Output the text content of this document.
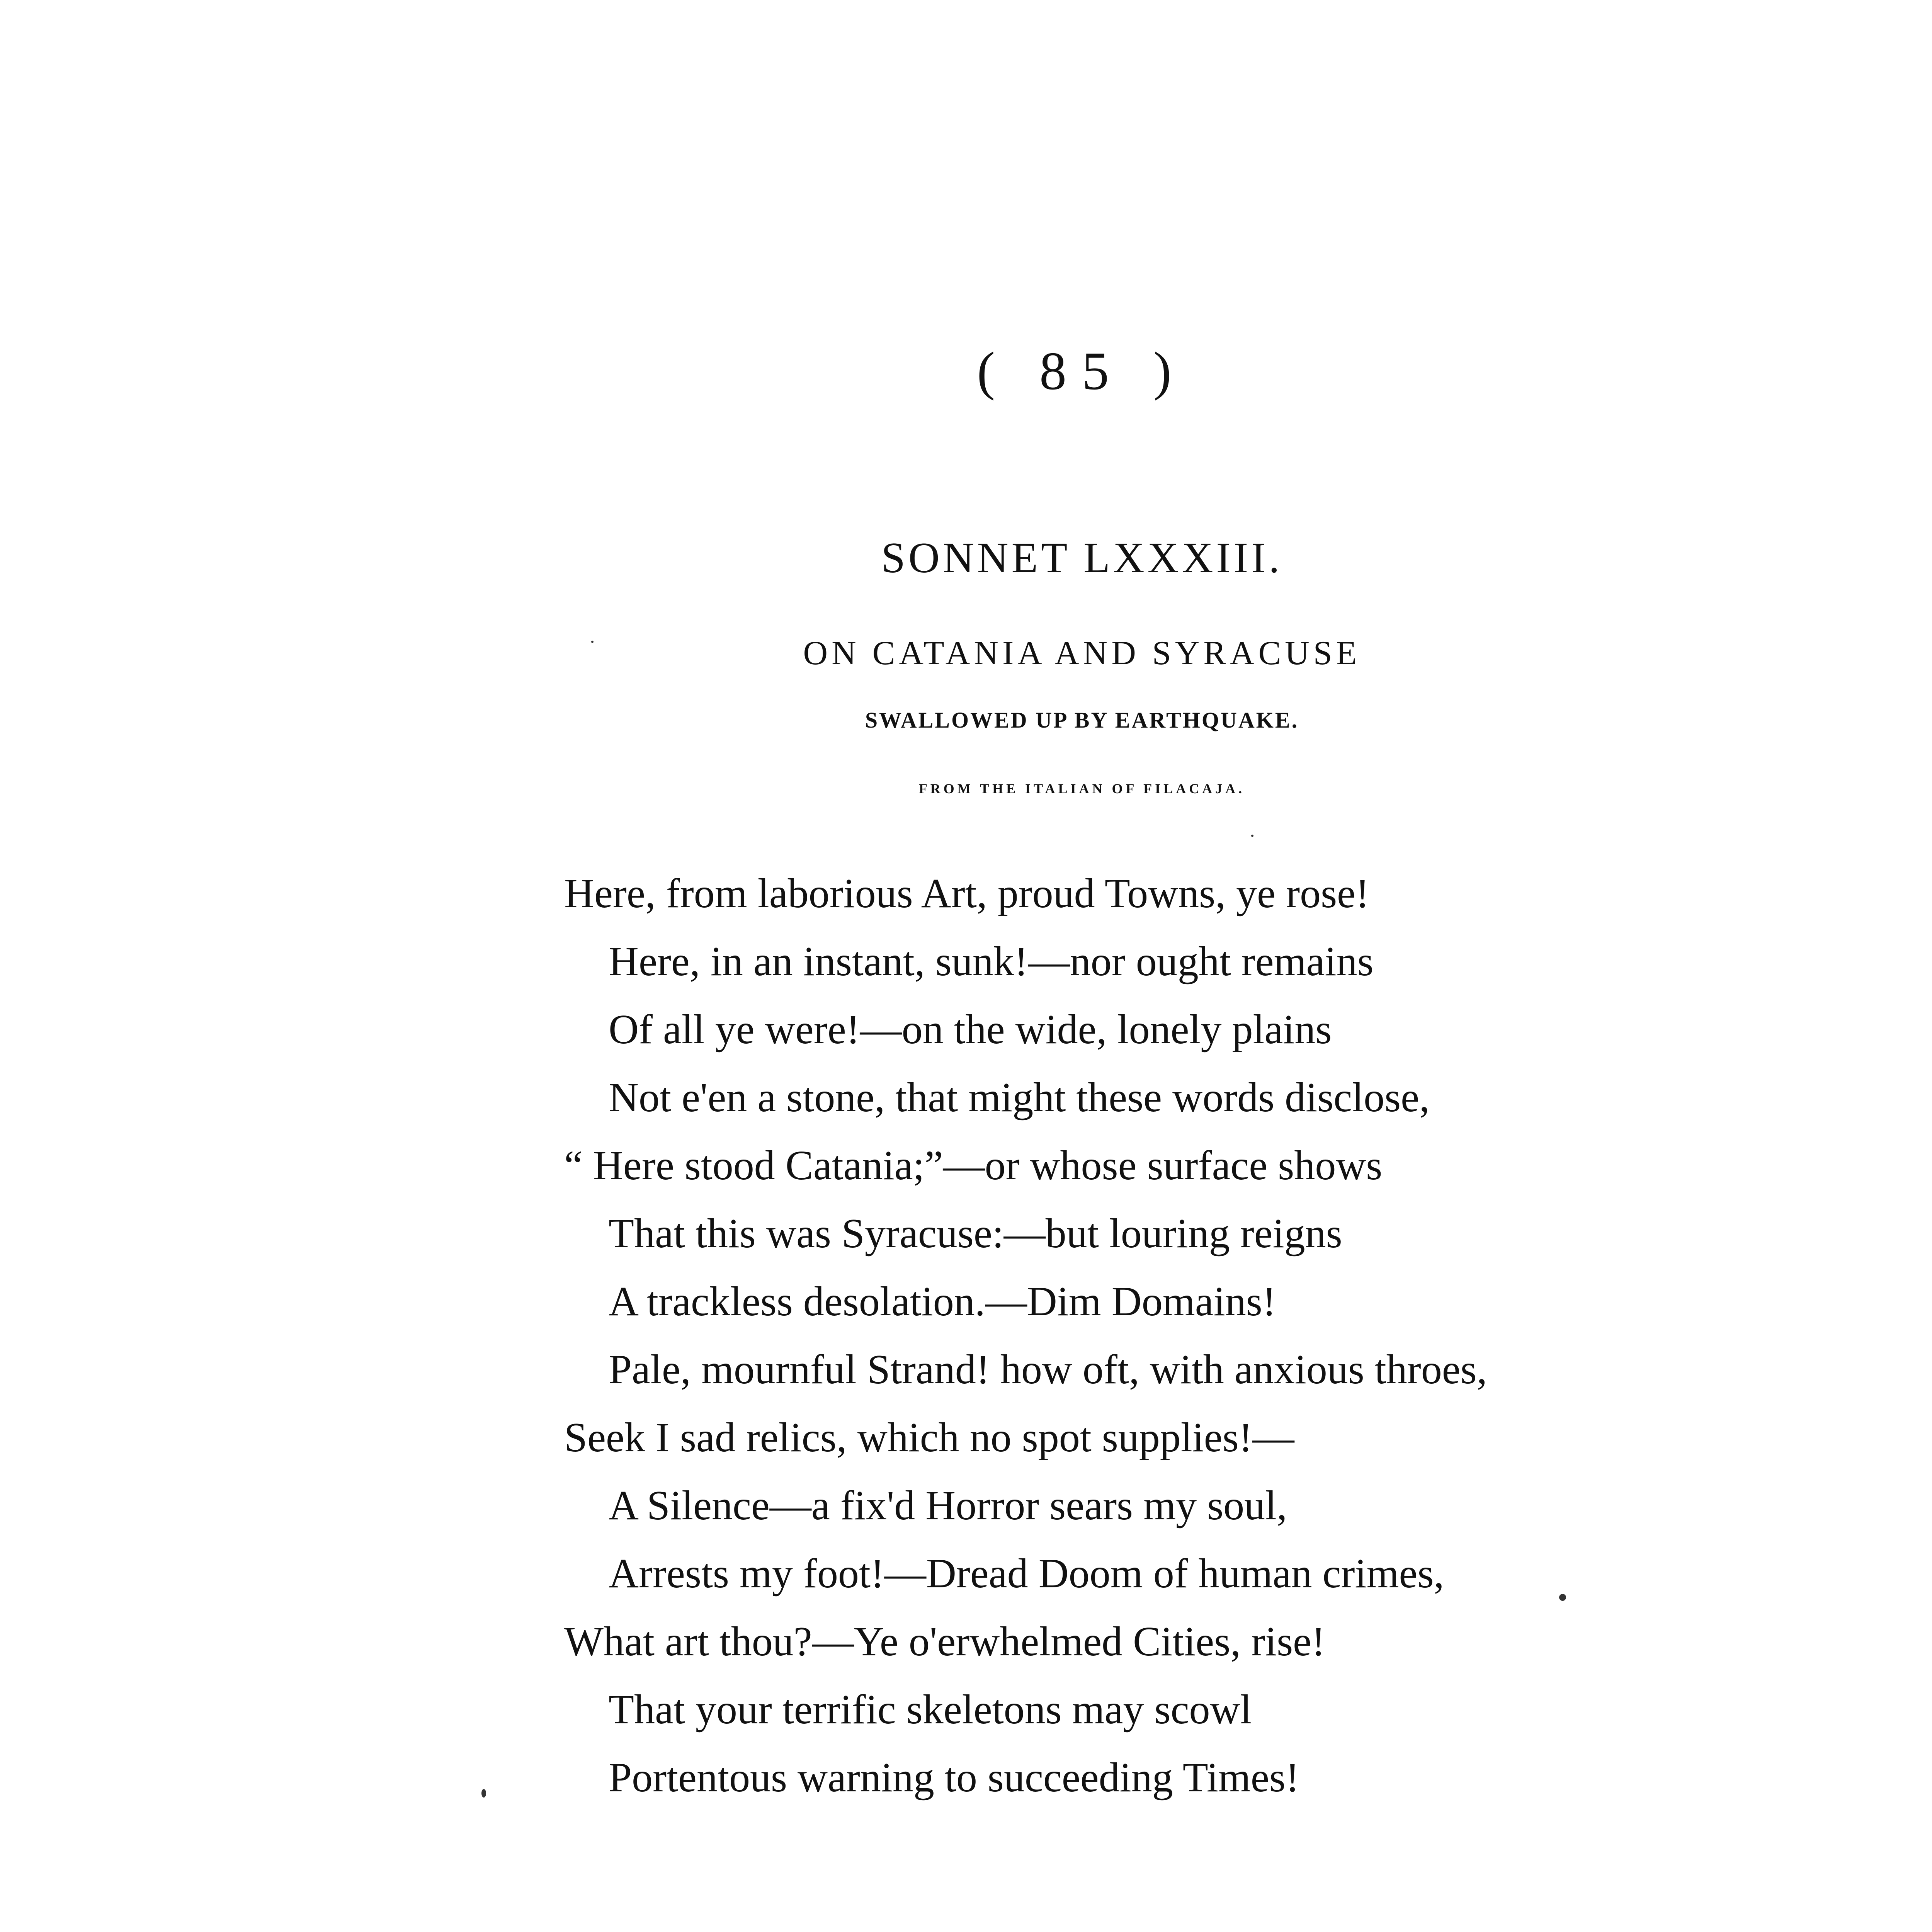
( 85 )
SONNET LXXXIII.
ON CATANIA AND SYRACUSE
SWALLOWED UP BY EARTHQUAKE.
FROM THE ITALIAN OF FILACAJA.
Here, from laborious Art, proud Towns, ye rose!
Here, in an instant, sunk!—nor ought remains
Of all ye were!—on the wide, lonely plains
Not e'en a stone, that might these words disclose,
“ Here stood Catania;”—or whose surface shows
That this was Syracuse:—but louring reigns
A trackless desolation.—Dim Domains!
Pale, mournful Strand! how oft, with anxious throes,
Seek I sad relics, which no spot supplies!—
A Silence—a fix'd Horror sears my soul,
Arrests my foot!—Dread Doom of human crimes,
What art thou?—Ye o'erwhelmed Cities, rise!
That your terrific skeletons may scowl
Portentous warning to succeeding Times!
